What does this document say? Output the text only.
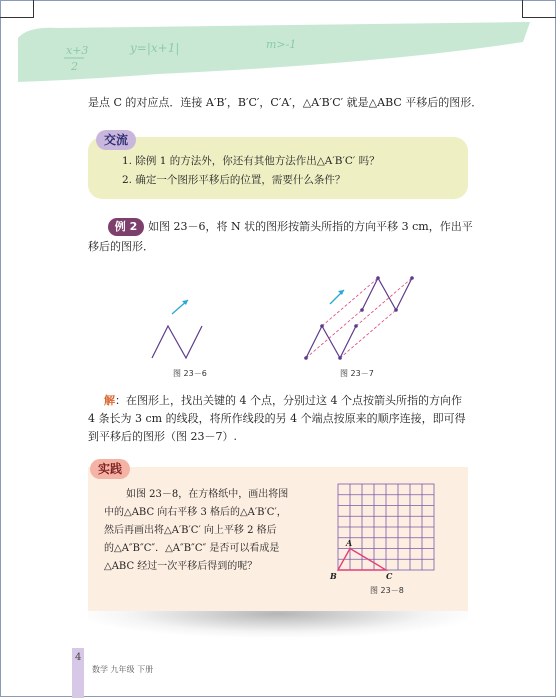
x+3
2
y=|x+1|	m>-1
是点 C 的对应点．连接 A′B′，B′C′，C′A′，△A′B′C′ 就是△ABC 平移后的图形．
交流
1. 除例 1 的方法外，你还有其他方法作出△A′B′C′ 吗？
2. 确定一个图形平移后的位置，需要什么条件？
例 2 如图 23－6，将 N 状的图形按箭头所指的方向平移 3 cm，作出平
移后的图形．
图 23－6	图 23－7
解：在图形上，找出关键的 4 个点，分别过这 4 个点按箭头所指的方向作
4 条长为 3 cm 的线段，将所作线段的另 4 个端点按原来的顺序连接，即可得
到平移后的图形（图 23－7）.
实践
如图 23－8，在方格纸中，画出将图
中的△ABC 向右平移 3 格后的△A′B′C′，
然后再画出将△A′B′C′ 向上平移 2 格后
的△A″B″C″．△A″B″C″ 是否可以看成是
△ABC 经过一次平移后得到的呢？
A
B	C
图 23－8
4
数学 九年级 下册
